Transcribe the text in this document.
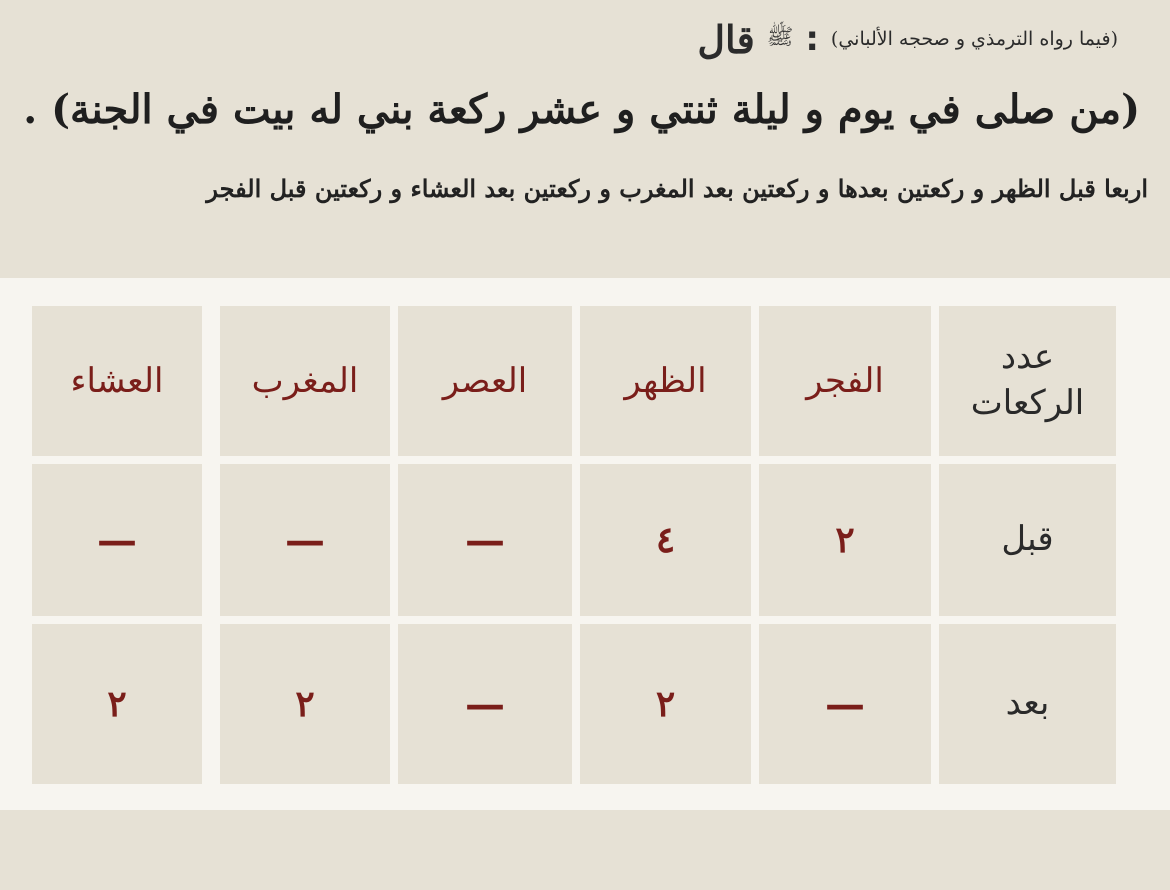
قال ﷺ : (فيما رواه الترمذي و صحجه الألباني)
(من صلى في يوم و ليلة ثنتي و عشر ركعة بني له بيت في الجنة) .
اربعا قبل الظهر و ركعتين بعدها و ركعتين بعد المغرب و ركعتين بعد العشاء و ركعتين قبل الفجر
عدد الركعات
الفجر
الظهر
العصر
المغرب
العشاء
قبل
٢
٤
—
—
—
بعد
—
٢
—
٢
٢
